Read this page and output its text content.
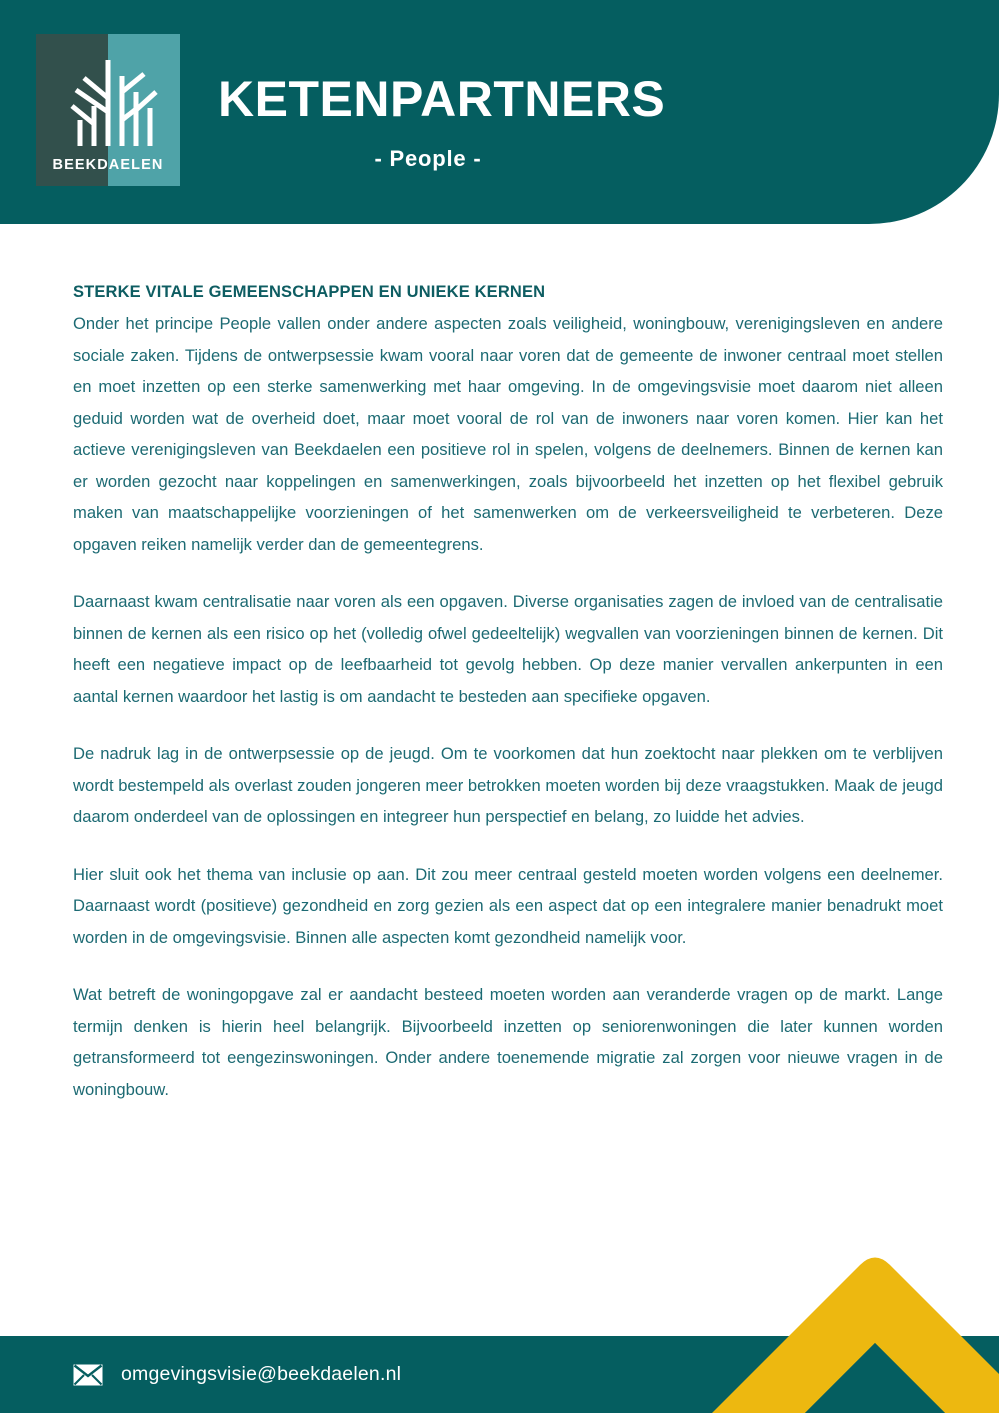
BEEKDAELEN
KETENPARTNERS
- People -
STERKE VITALE GEMEENSCHAPPEN EN UNIEKE KERNEN

Onder het principe People vallen onder andere aspecten zoals veiligheid, woningbouw, verenigingsleven en andere sociale zaken. Tijdens de ontwerpsessie kwam vooral naar voren dat de gemeente de inwoner centraal moet stellen en moet inzetten op een sterke samenwerking met haar omgeving. In de omgevingsvisie moet daarom niet alleen geduid worden wat de overheid doet, maar moet vooral de rol van de inwoners naar voren komen. Hier kan het actieve verenigingsleven van Beekdaelen een positieve rol in spelen, volgens de deelnemers. Binnen de kernen kan er worden gezocht naar koppelingen en samenwerkingen, zoals bijvoorbeeld het inzetten op het flexibel gebruik maken van maatschappelijke voorzieningen of het samenwerken om de verkeersveiligheid te verbeteren. Deze opgaven reiken namelijk verder dan de gemeentegrens.

Daarnaast kwam centralisatie naar voren als een opgaven. Diverse organisaties zagen de invloed van de centralisatie binnen de kernen als een risico op het (volledig ofwel gedeeltelijk) wegvallen van voorzieningen binnen de kernen. Dit heeft een negatieve impact op de leefbaarheid tot gevolg hebben. Op deze manier vervallen ankerpunten in een aantal kernen waardoor het lastig is om aandacht te besteden aan specifieke opgaven.

De nadruk lag in de ontwerpsessie op de jeugd. Om te voorkomen dat hun zoektocht naar plekken om te verblijven wordt bestempeld als overlast zouden jongeren meer betrokken moeten worden bij deze vraagstukken. Maak de jeugd daarom onderdeel van de oplossingen en integreer hun perspectief en belang, zo luidde het advies.

Hier sluit ook het thema van inclusie op aan. Dit zou meer centraal gesteld moeten worden volgens een deelnemer. Daarnaast wordt (positieve) gezondheid en zorg gezien als een aspect dat op een integralere manier benadrukt moet worden in de omgevingsvisie. Binnen alle aspecten komt gezondheid namelijk voor.

Wat betreft de woningopgave zal er aandacht besteed moeten worden aan veranderde vragen op de markt. Lange termijn denken is hierin heel belangrijk. Bijvoorbeeld inzetten op seniorenwoningen die later kunnen worden getransformeerd tot eengezinswoningen. Onder andere toenemende migratie zal zorgen voor nieuwe vragen in de woningbouw.

omgevingsvisie@beekdaelen.nl
